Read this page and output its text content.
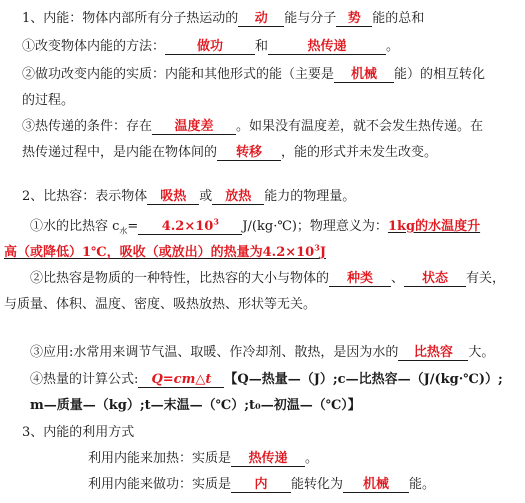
1、内能：物体内部所有分子热运动的 动 能与分子 势 能的总和
①改变物体内能的方法： 做功 和	热传递	。
②做功改变内能的实质：内能和其他形式的能（主要是 机械 能）的相互转化
的过程。
③热传递的条件：存在 温度差 。如果没有温度差，就不会发生热传递。在
热传递过程中，是内能在物体间的 转移 ，能的形式并未发生改变。
2、比热容：表示物体 吸热 或 放热 能力的物理量。
①水的比热容 $c_水= 4.2\times 10^3$ J/(kg·℃)；物理意义为：1kg的水温度升
高（或降低）1℃，吸收（或放出）的热量为$4.2\times 10^3J$
②比热容是物质的一种特性，比热容的大小与物体的 种类 、 状态 有关，
与质量、体积、温度、密度、吸热放热、形状等无关。
③应用:水常用来调节气温、取暖、作冷却剂、散热，是因为水的 比热容 大。
④热量的计算公式: Q=cm△t 【Q—热量—（J）;c—比热容—（J/(kg·℃)）;
m—质量—（kg）;t—末温—（℃）;t₀—初温—（℃）】
3、内能的利用方式
利用内能来加热：实质是 热传递 。
利用内能来做功：实质是 内 能转化为 机械 能。
